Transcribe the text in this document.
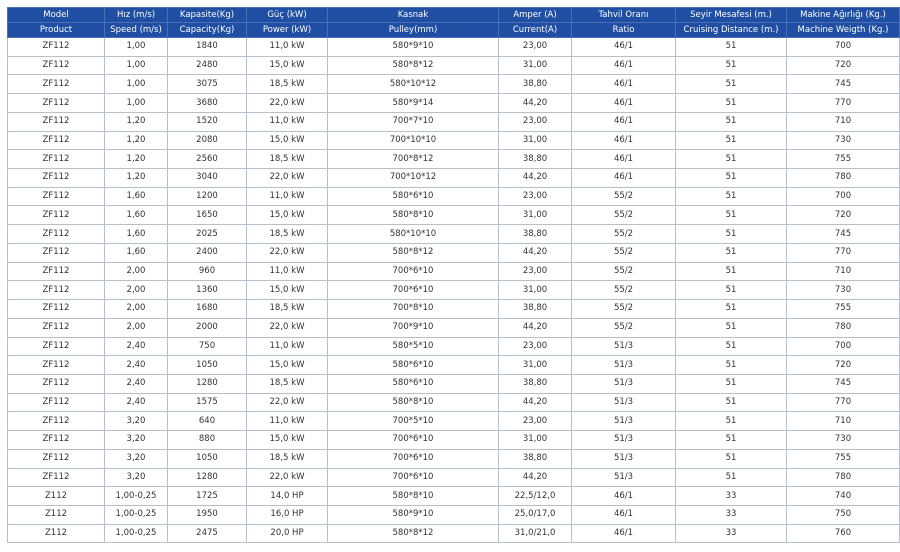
Model	Hız (m/s)	Kapasite(Kg)	Güç (kW)	Kasnak	Amper (A)	Tahvil Oranı	Seyir Mesafesi (m.)	Makine Ağırlığı (Kg.)
Product	Speed (m/s)	Capacity(Kg)	Power (kW)	Pulley(mm)	Current(A)	Ratio	Cruising Distance (m.)	Machine Weigth (Kg.)
ZF112	1,00	1840	11,0 kW	580*9*10	23,00	46/1	51	700
ZF112	1,00	2480	15,0 kW	580*8*12	31,00	46/1	51	720
ZF112	1,00	3075	18,5 kW	580*10*12	38,80	46/1	51	745
ZF112	1,00	3680	22,0 kW	580*9*14	44,20	46/1	51	770
ZF112	1,20	1520	11,0 kW	700*7*10	23,00	46/1	51	710
ZF112	1,20	2080	15,0 kW	700*10*10	31,00	46/1	51	730
ZF112	1,20	2560	18,5 kW	700*8*12	38,80	46/1	51	755
ZF112	1,20	3040	22,0 kW	700*10*12	44,20	46/1	51	780
ZF112	1,60	1200	11,0 kW	580*6*10	23,00	55/2	51	700
ZF112	1,60	1650	15,0 kW	580*8*10	31,00	55/2	51	720
ZF112	1,60	2025	18,5 kW	580*10*10	38,80	55/2	51	745
ZF112	1,60	2400	22,0 kW	580*8*12	44,20	55/2	51	770
ZF112	2,00	960	11,0 kW	700*6*10	23,00	55/2	51	710
ZF112	2,00	1360	15,0 kW	700*6*10	31,00	55/2	51	730
ZF112	2,00	1680	18,5 kW	700*8*10	38,80	55/2	51	755
ZF112	2,00	2000	22,0 kW	700*9*10	44,20	55/2	51	780
ZF112	2,40	750	11,0 kW	580*5*10	23,00	51/3	51	700
ZF112	2,40	1050	15,0 kW	580*6*10	31,00	51/3	51	720
ZF112	2,40	1280	18,5 kW	580*6*10	38,80	51/3	51	745
ZF112	2,40	1575	22,0 kW	580*8*10	44,20	51/3	51	770
ZF112	3,20	640	11,0 kW	700*5*10	23,00	51/3	51	710
ZF112	3,20	880	15,0 kW	700*6*10	31,00	51/3	51	730
ZF112	3,20	1050	18,5 kW	700*6*10	38,80	51/3	51	755
ZF112	3,20	1280	22,0 kW	700*6*10	44,20	51/3	51	780
Z112	1,00-0,25	1725	14,0 HP	580*8*10	22,5/12,0	46/1	33	740
Z112	1,00-0,25	1950	16,0 HP	580*9*10	25,0/17,0	46/1	33	750
Z112	1,00-0,25	2475	20,0 HP	580*8*12	31,0/21,0	46/1	33	760
